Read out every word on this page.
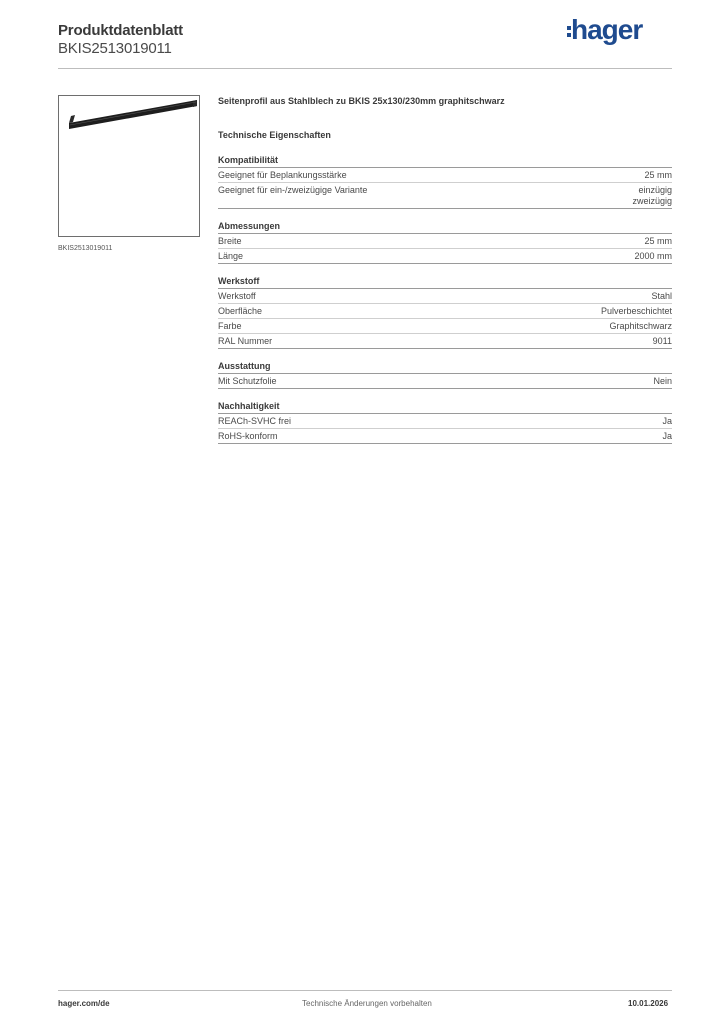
Produktdatenblatt
BKIS2513019011
hager
BKIS2513019011
Seitenprofil aus Stahlblech zu BKIS 25x130/230mm graphitschwarz
Technische Eigenschaften
Kompatibilität
Geeignet für Beplankungsstärke	25 mm
Geeignet für ein-/zweizügige Variante	einzügig
zweizügig
Abmessungen
Breite	25 mm
Länge	2000 mm
Werkstoff
Werkstoff	Stahl
Oberfläche	Pulverbeschichtet
Farbe	Graphitschwarz
RAL Nummer	9011
Ausstattung
Mit Schutzfolie	Nein
Nachhaltigkeit
REACh-SVHC frei	Ja
RoHS-konform	Ja
hager.com/de	Technische Änderungen vorbehalten	10.01.2026
